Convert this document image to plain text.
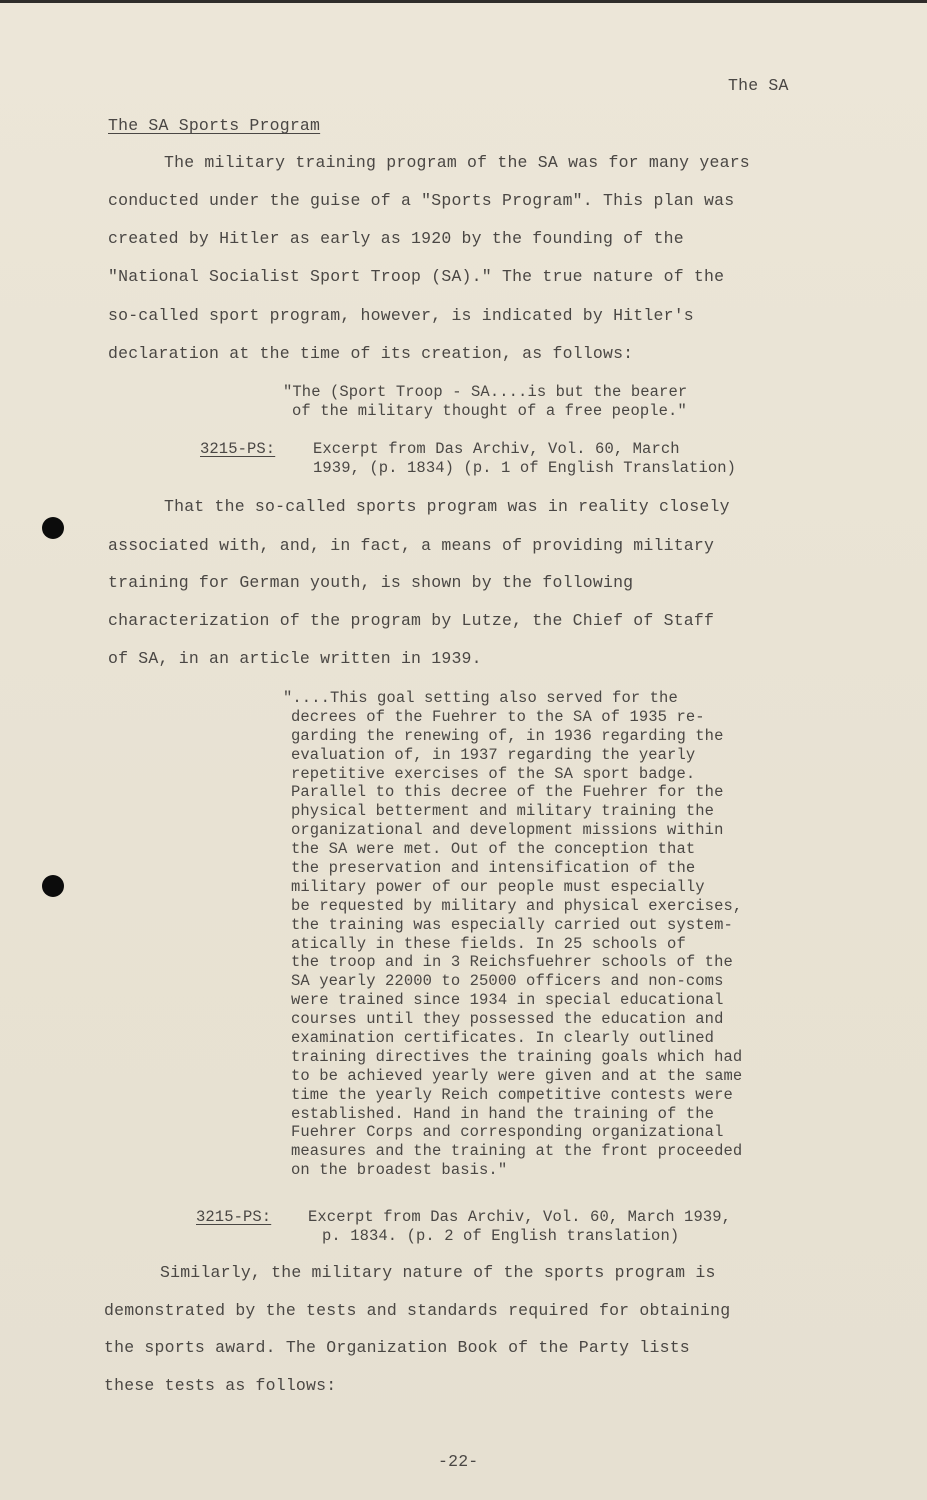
The SA
The SA Sports Program
The military training program of the SA was for many years
conducted under the guise of a "Sports Program". This plan was
created by Hitler as early as 1920 by the founding of the
"National Socialist Sport Troop (SA)." The true nature of the
so-called sport program, however, is indicated by Hitler's
declaration at the time of its creation, as follows:
"The (Sport Troop - SA....is but the bearer
of the military thought of a free people."
3215-PS: Excerpt from Das Archiv, Vol. 60, March
1939, (p. 1834) (p. 1 of English Translation)
That the so-called sports program was in reality closely
associated with, and, in fact, a means of providing military
training for German youth, is shown by the following
characterization of the program by Lutze, the Chief of Staff
of SA, in an article written in 1939.
"....This goal setting also served for the
decrees of the Fuehrer to the SA of 1935 re-
garding the renewing of, in 1936 regarding the
evaluation of, in 1937 regarding the yearly
repetitive exercises of the SA sport badge.
Parallel to this decree of the Fuehrer for the
physical betterment and military training the
organizational and development missions within
the SA were met. Out of the conception that
the preservation and intensification of the
military power of our people must especially
be requested by military and physical exercises,
the training was especially carried out system-
atically in these fields. In 25 schools of
the troop and in 3 Reichsfuehrer schools of the
SA yearly 22000 to 25000 officers and non-coms
were trained since 1934 in special educational
courses until they possessed the education and
examination certificates. In clearly outlined
training directives the training goals which had
to be achieved yearly were given and at the same
time the yearly Reich competitive contests were
established. Hand in hand the training of the
Fuehrer Corps and corresponding organizational
measures and the training at the front proceeded
on the broadest basis."
3215-PS: Excerpt from Das Archiv, Vol. 60, March 1939,
p. 1834. (p. 2 of English translation)
Similarly, the military nature of the sports program is
demonstrated by the tests and standards required for obtaining
the sports award. The Organization Book of the Party lists
these tests as follows:
-22-
